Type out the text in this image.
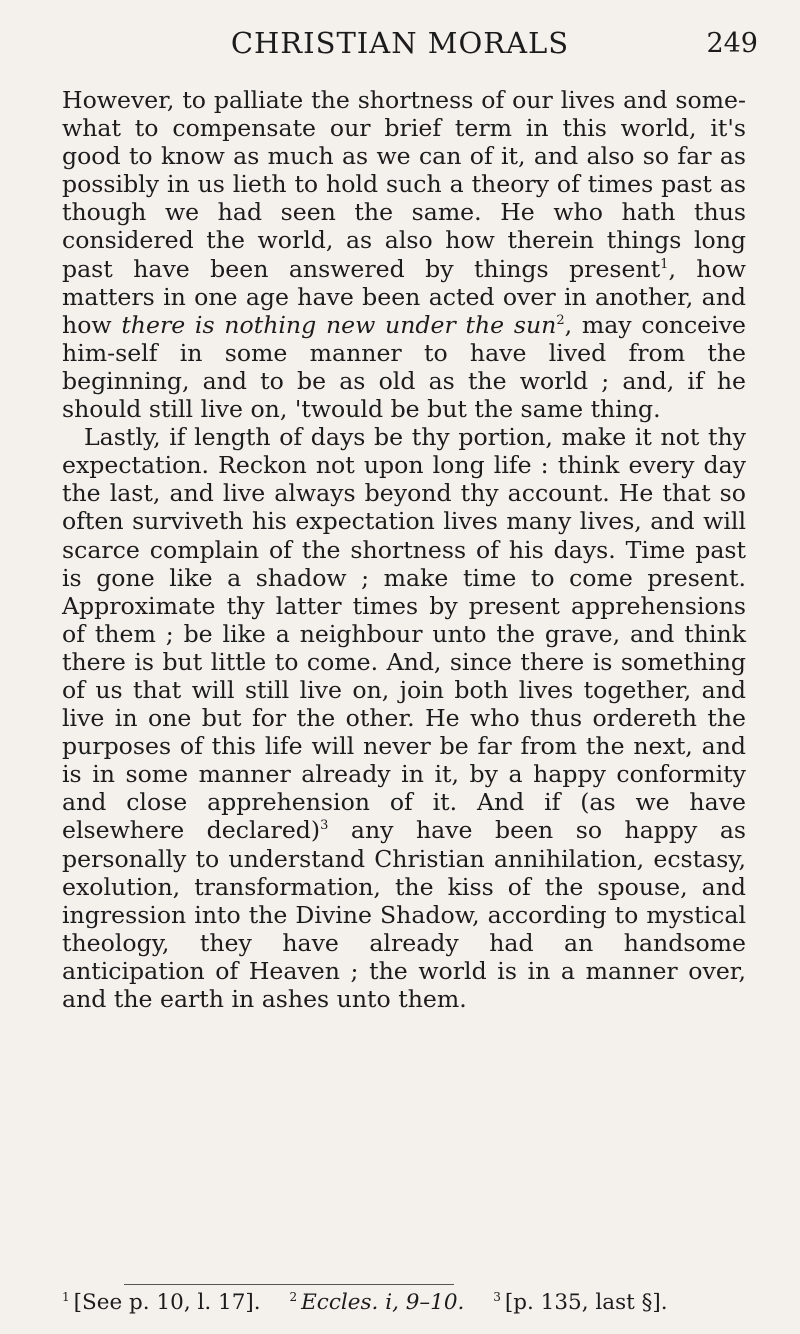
CHRISTIAN MORALS	249

However, to palliate the shortness of our lives and some-what to compensate our brief term in this world, it's good to know as much as we can of it, and also so far as possibly in us lieth to hold such a theory of times past as though we had seen the same. He who hath thus considered the world, as also how therein things long past have been answered by things present$^1$, how matters in one age have been acted over in another, and how there is nothing new under the sun$^2$, may conceive him-self in some manner to have lived from the beginning, and to be as old as the world ; and, if he should still live on, 'twould be but the same thing.

Lastly, if length of days be thy portion, make it not thy expectation. Reckon not upon long life : think every day the last, and live always beyond thy account. He that so often surviveth his expectation lives many lives, and will scarce complain of the shortness of his days. Time past is gone like a shadow ; make time to come present. Approximate thy latter times by present apprehensions of them ; be like a neighbour unto the grave, and think there is but little to come. And, since there is something of us that will still live on, join both lives together, and live in one but for the other. He who thus ordereth the purposes of this life will never be far from the next, and is in some manner already in it, by a happy conformity and close apprehension of it. And if (as we have elsewhere declared)$^3$ any have been so happy as personally to understand Christian annihilation, ecstasy, exolution, transformation, the kiss of the spouse, and ingression into the Divine Shadow, according to mystical theology, they have already had an handsome anticipation of Heaven ; the world is in a manner over, and the earth in ashes unto them.

$^1$ [See p. 10, l. 17]. $^2$ Eccles. i, 9–10. $^3$ [p. 135, last §].
